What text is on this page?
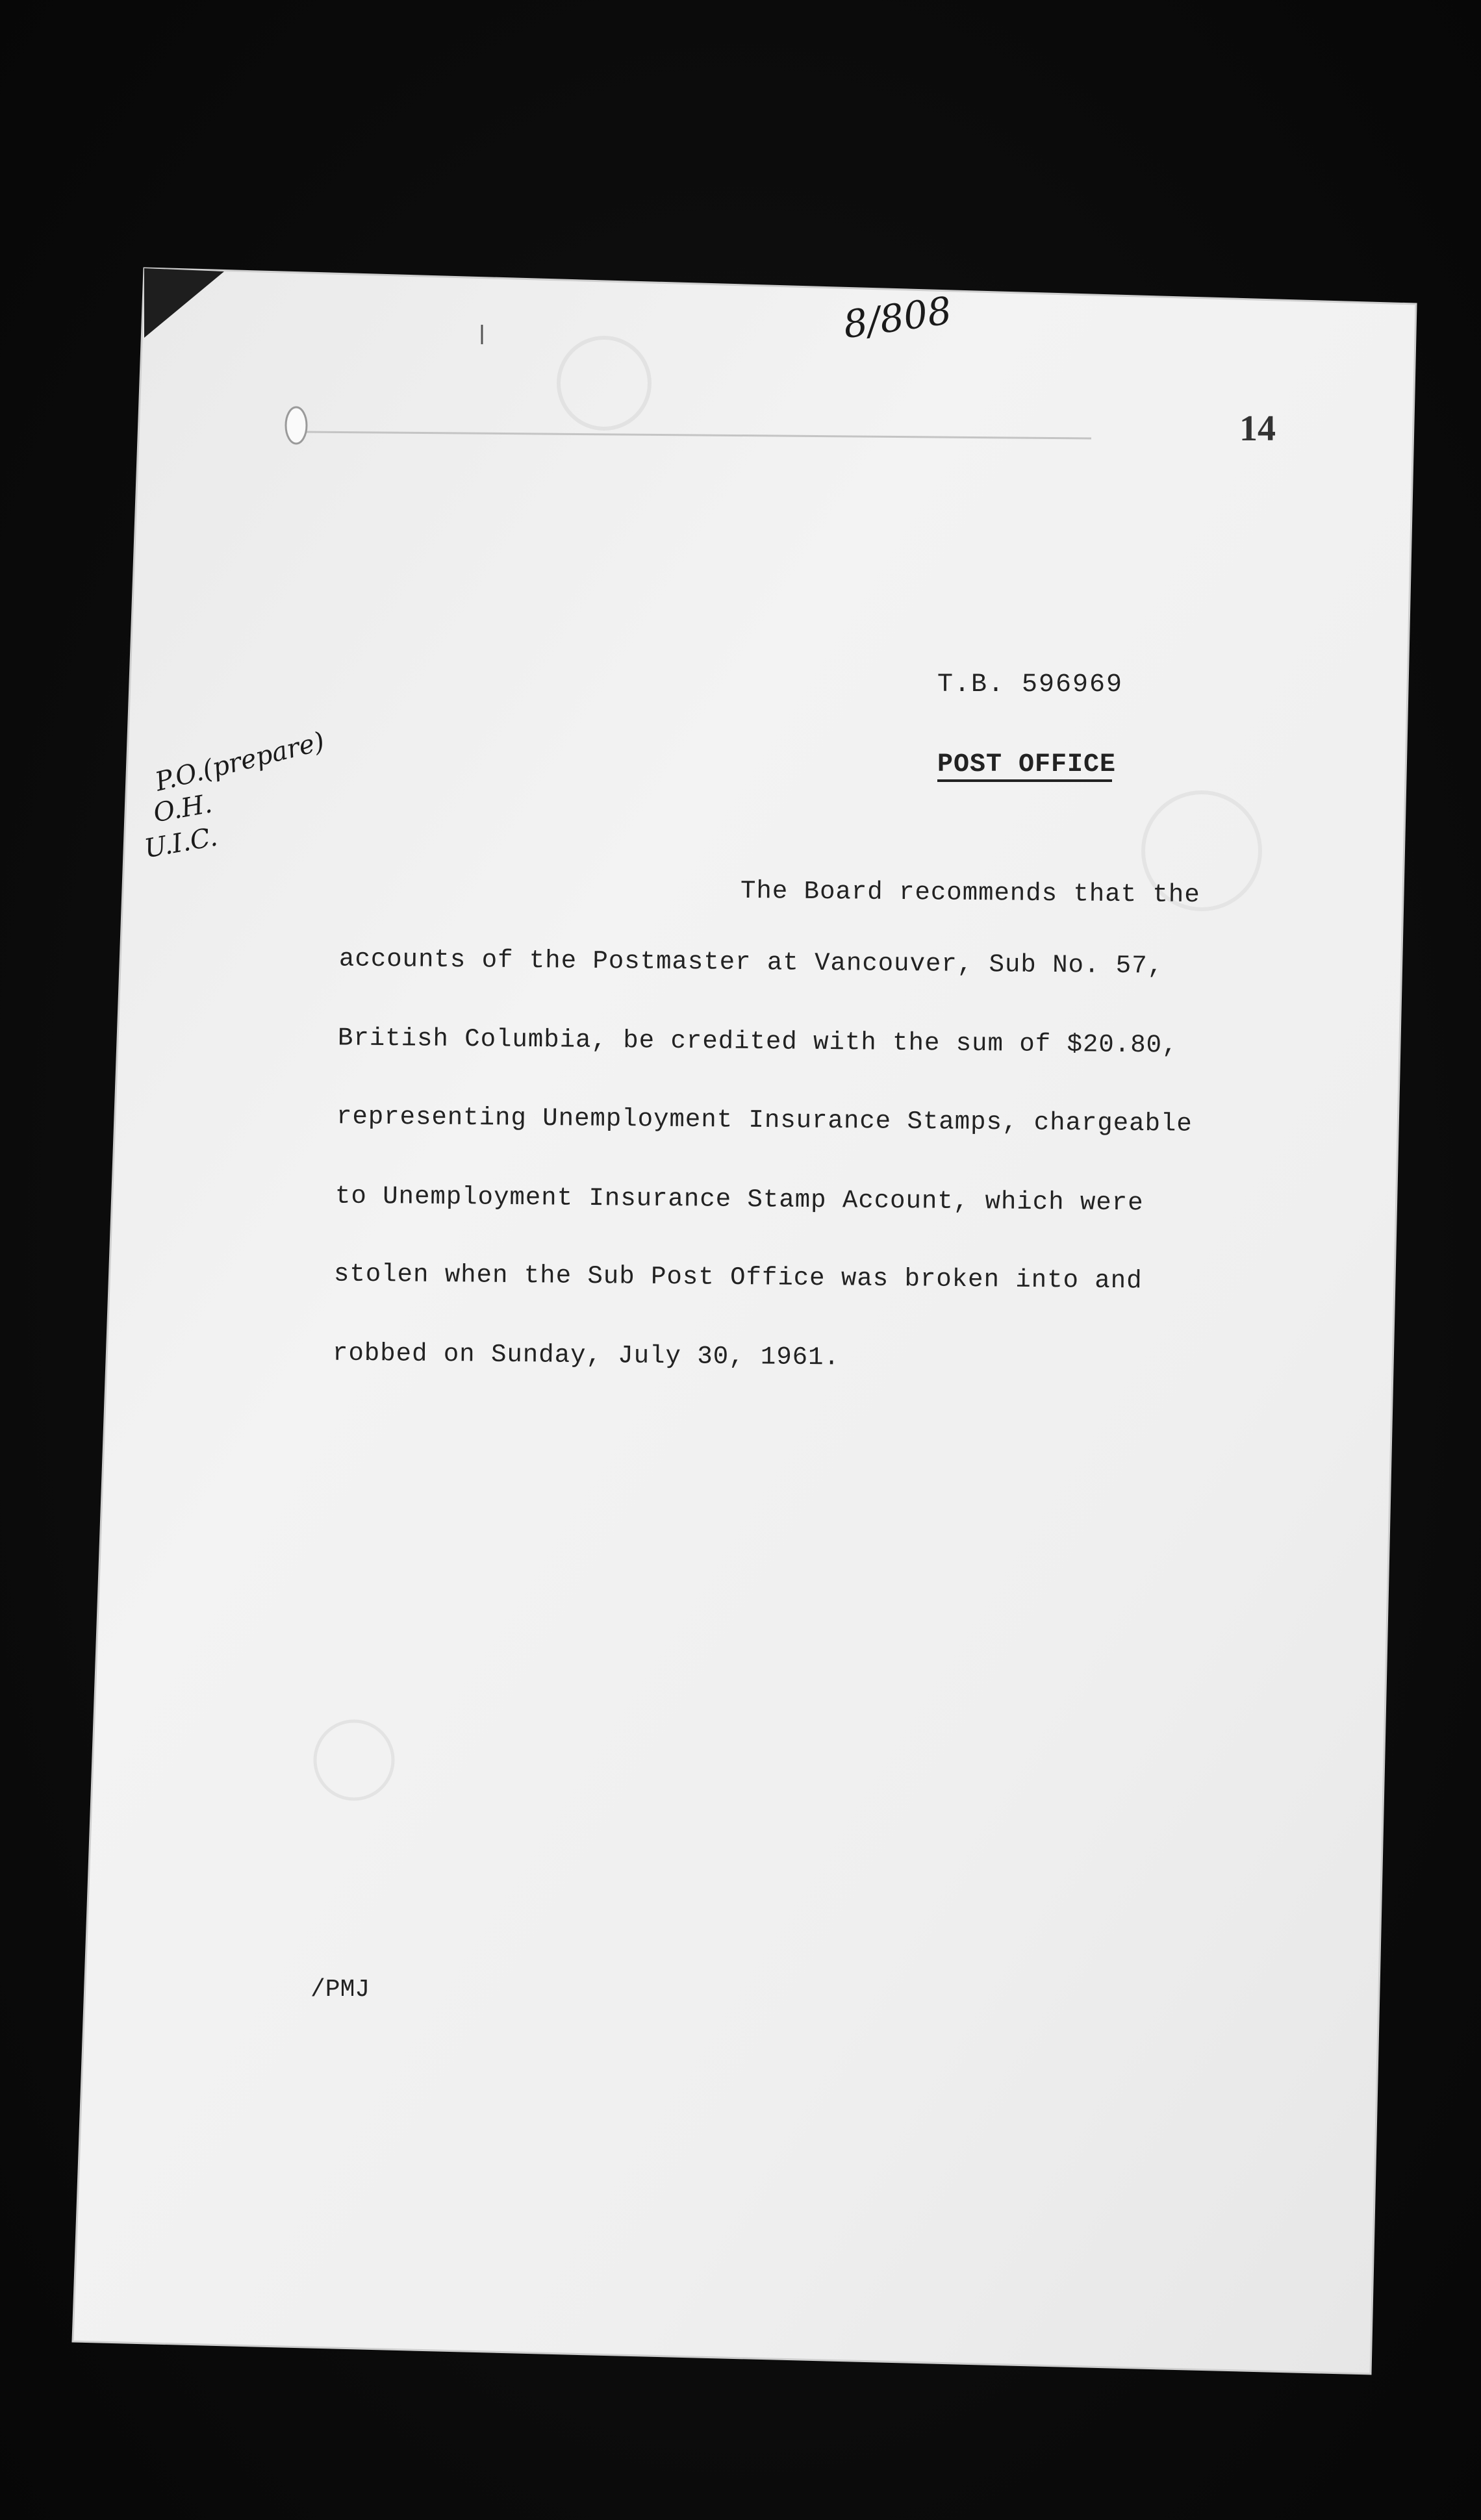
8/808
14
T.B. 596969
POST OFFICE
P.O.(prepare)
O.H.
U.I.C.
The Board recommends that the
accounts of the Postmaster at Vancouver, Sub No. 57,
British Columbia, be credited with the sum of $20.80,
representing Unemployment Insurance Stamps, chargeable
to Unemployment Insurance Stamp Account, which were
stolen when the Sub Post Office was broken into and
robbed on Sunday, July 30, 1961.
/PMJ
